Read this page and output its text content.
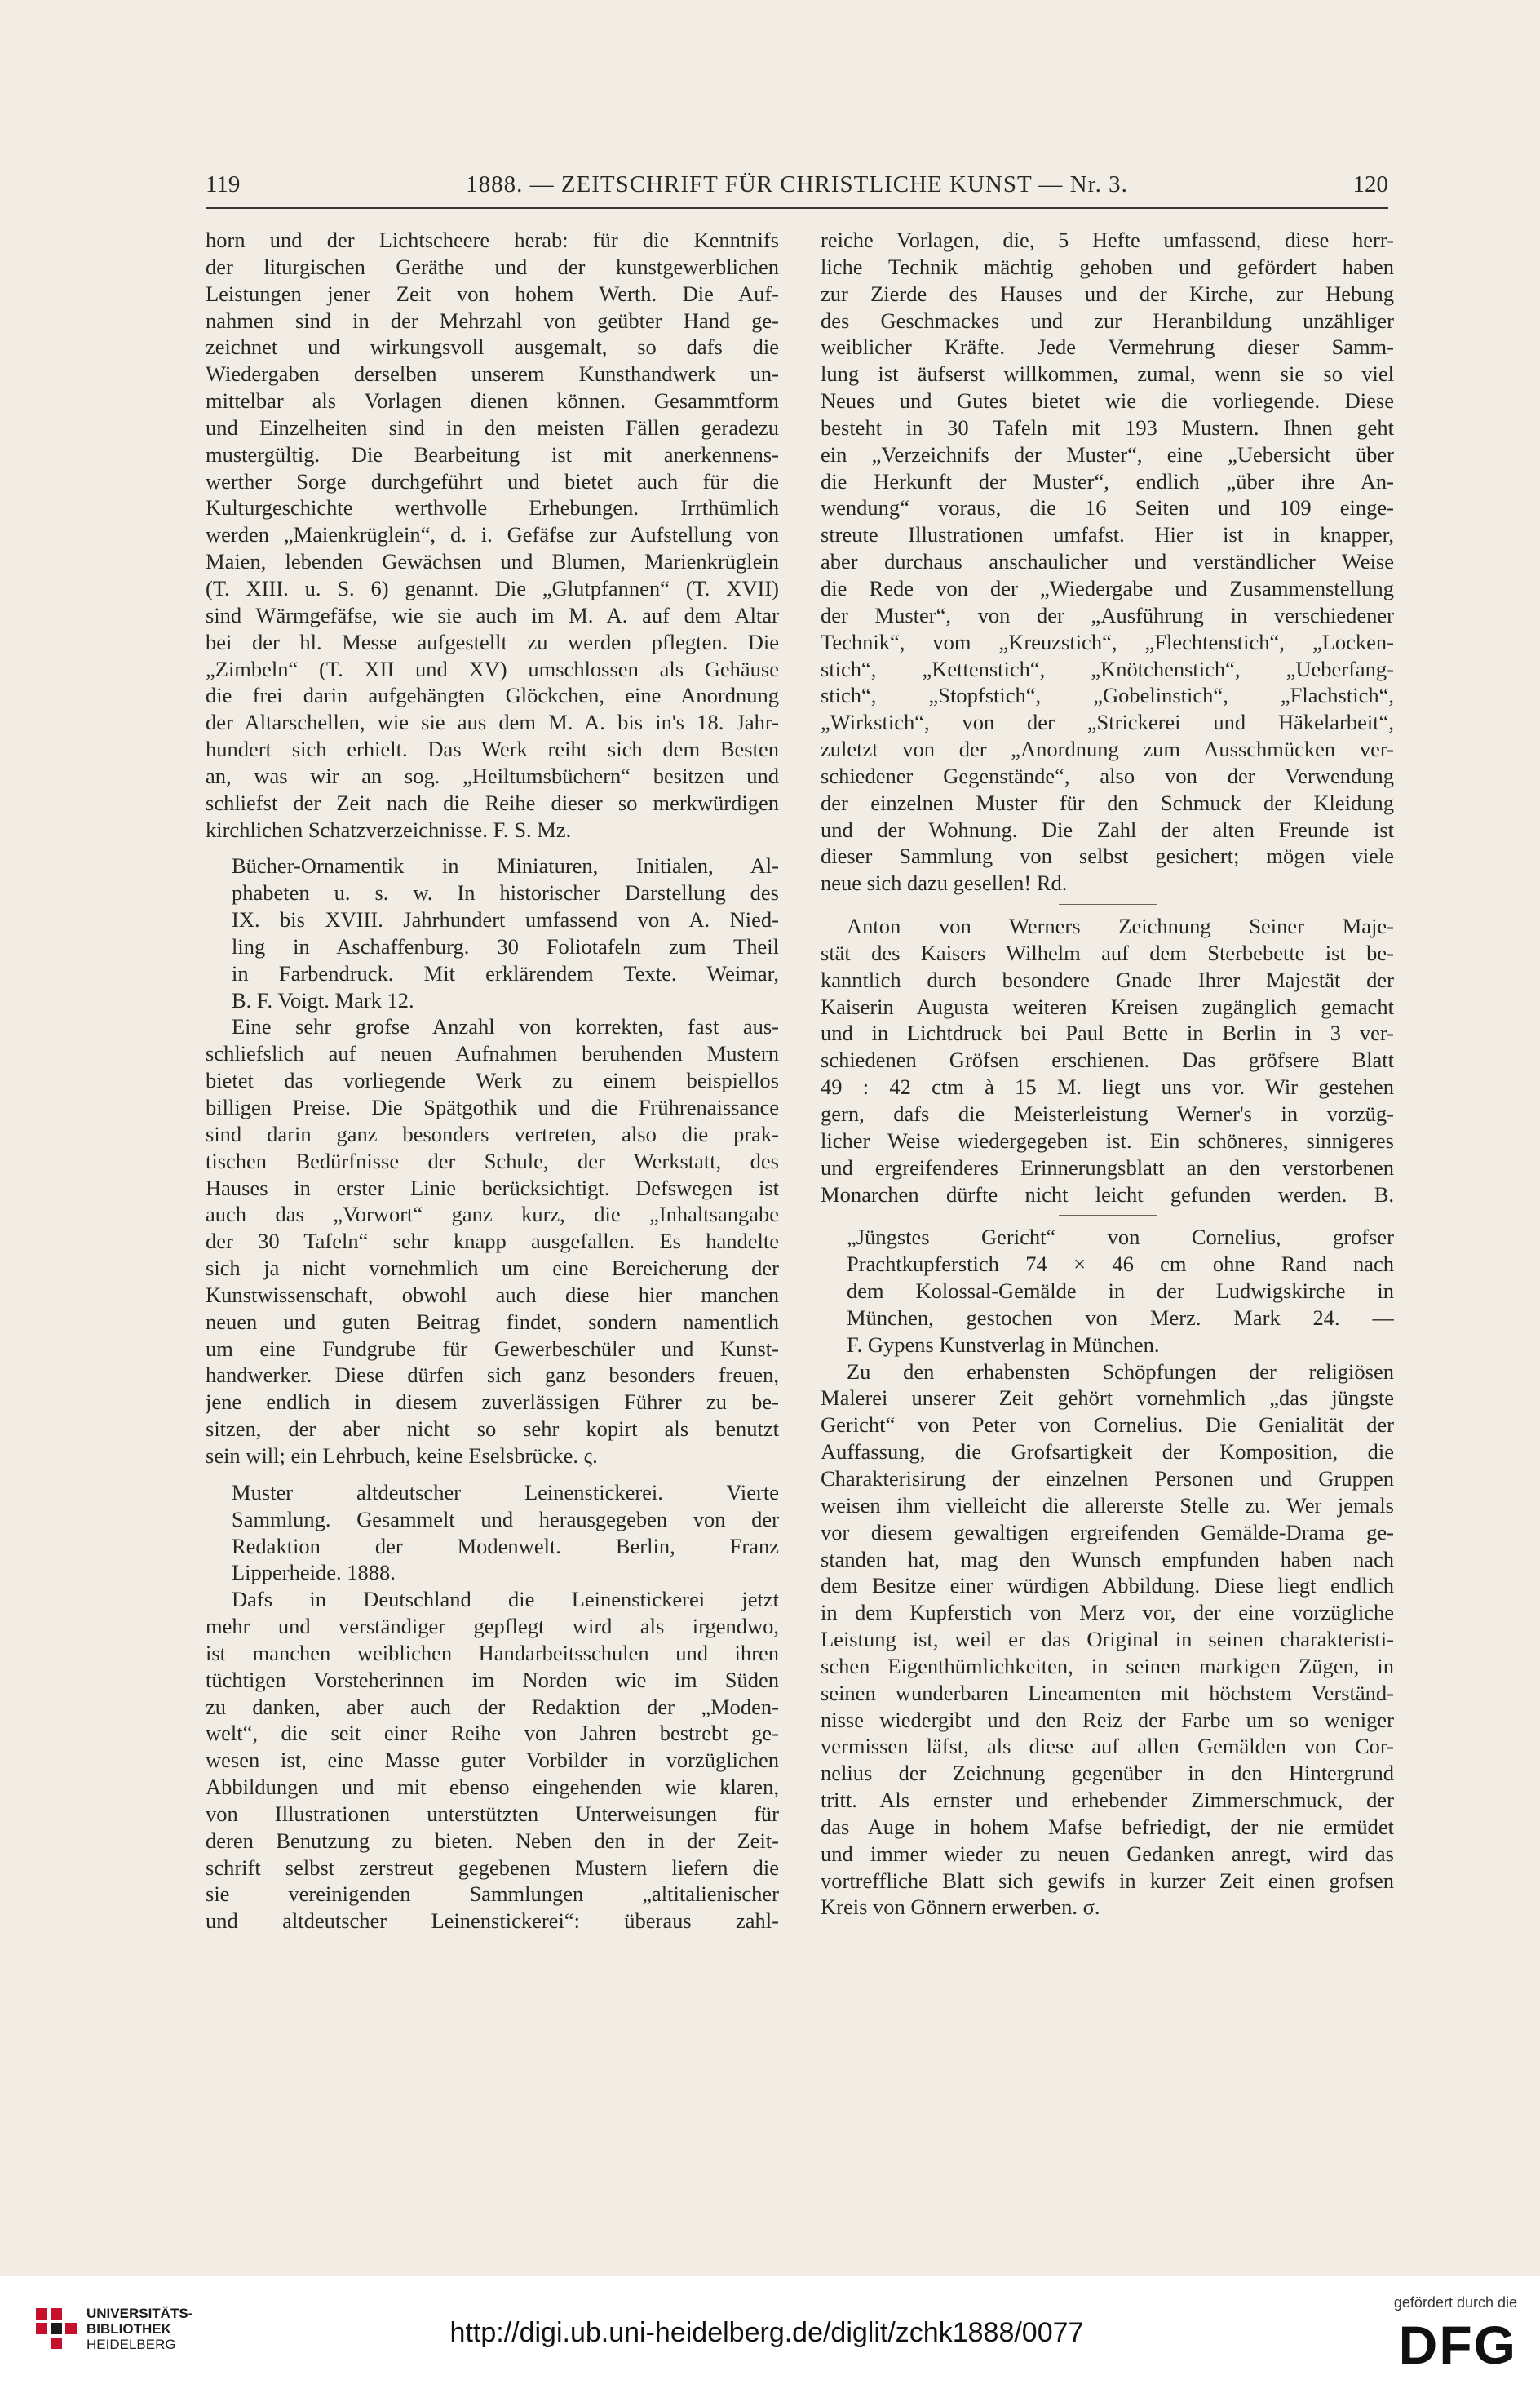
119	1888. — ZEITSCHRIFT FÜR CHRISTLICHE KUNST — Nr. 3.	120
horn und der Lichtscheere herab: für die Kenntnifs
der liturgischen Geräthe und der kunstgewerblichen
Leistungen jener Zeit von hohem Werth. Die Auf-
nahmen sind in der Mehrzahl von geübter Hand ge-
zeichnet und wirkungsvoll ausgemalt, so dafs die
Wiedergaben derselben unserem Kunsthandwerk un-
mittelbar als Vorlagen dienen können. Gesammtform
und Einzelheiten sind in den meisten Fällen geradezu
mustergültig. Die Bearbeitung ist mit anerkennens-
werther Sorge durchgeführt und bietet auch für die
Kulturgeschichte werthvolle Erhebungen. Irrthümlich
werden „Maienkrüglein“, d. i. Gefäfse zur Aufstellung von
Maien, lebenden Gewächsen und Blumen, Marienkrüglein
(T. XIII. u. S. 6) genannt. Die „Glutpfannen“ (T. XVII)
sind Wärmgefäfse, wie sie auch im M. A. auf dem Altar
bei der hl. Messe aufgestellt zu werden pflegten. Die
„Zimbeln“ (T. XII und XV) umschlossen als Gehäuse
die frei darin aufgehängten Glöckchen, eine Anordnung
der Altarschellen, wie sie aus dem M. A. bis in's 18. Jahr-
hundert sich erhielt. Das Werk reiht sich dem Besten
an, was wir an sog. „Heiltumsbüchern“ besitzen und
schliefst der Zeit nach die Reihe dieser so merkwürdigen
kirchlichen Schatzverzeichnisse. F. S. Mz.
Bücher-Ornamentik in Miniaturen, Initialen, Al-
phabeten u. s. w. In historischer Darstellung des
IX. bis XVIII. Jahrhundert umfassend von A. Nied-
ling in Aschaffenburg. 30 Foliotafeln zum Theil
in Farbendruck. Mit erklärendem Texte. Weimar,
B. F. Voigt. Mark 12.
Eine sehr grofse Anzahl von korrekten, fast aus-
schliefslich auf neuen Aufnahmen beruhenden Mustern
bietet das vorliegende Werk zu einem beispiellos
billigen Preise. Die Spätgothik und die Frührenaissance
sind darin ganz besonders vertreten, also die prak-
tischen Bedürfnisse der Schule, der Werkstatt, des
Hauses in erster Linie berücksichtigt. Defswegen ist
auch das „Vorwort“ ganz kurz, die „Inhaltsangabe
der 30 Tafeln“ sehr knapp ausgefallen. Es handelte
sich ja nicht vornehmlich um eine Bereicherung der
Kunstwissenschaft, obwohl auch diese hier manchen
neuen und guten Beitrag findet, sondern namentlich
um eine Fundgrube für Gewerbeschüler und Kunst-
handwerker. Diese dürfen sich ganz besonders freuen,
jene endlich in diesem zuverlässigen Führer zu be-
sitzen, der aber nicht so sehr kopirt als benutzt
sein will; ein Lehrbuch, keine Eselsbrücke. ς.
Muster altdeutscher Leinenstickerei. Vierte
Sammlung. Gesammelt und herausgegeben von der
Redaktion der Modenwelt. Berlin, Franz
Lipperheide. 1888.
Dafs in Deutschland die Leinenstickerei jetzt
mehr und verständiger gepflegt wird als irgendwo,
ist manchen weiblichen Handarbeitsschulen und ihren
tüchtigen Vorsteherinnen im Norden wie im Süden
zu danken, aber auch der Redaktion der „Moden-
welt“, die seit einer Reihe von Jahren bestrebt ge-
wesen ist, eine Masse guter Vorbilder in vorzüglichen
Abbildungen und mit ebenso eingehenden wie klaren,
von Illustrationen unterstützten Unterweisungen für
deren Benutzung zu bieten. Neben den in der Zeit-
schrift selbst zerstreut gegebenen Mustern liefern die
sie vereinigenden Sammlungen „altitalienischer
und altdeutscher Leinenstickerei“: überaus zahl-
reiche Vorlagen, die, 5 Hefte umfassend, diese herr-
liche Technik mächtig gehoben und gefördert haben
zur Zierde des Hauses und der Kirche, zur Hebung
des Geschmackes und zur Heranbildung unzähliger
weiblicher Kräfte. Jede Vermehrung dieser Samm-
lung ist äufserst willkommen, zumal, wenn sie so viel
Neues und Gutes bietet wie die vorliegende. Diese
besteht in 30 Tafeln mit 193 Mustern. Ihnen geht
ein „Verzeichnifs der Muster“, eine „Uebersicht über
die Herkunft der Muster“, endlich „über ihre An-
wendung“ voraus, die 16 Seiten und 109 einge-
streute Illustrationen umfafst. Hier ist in knapper,
aber durchaus anschaulicher und verständlicher Weise
die Rede von der „Wiedergabe und Zusammenstellung
der Muster“, von der „Ausführung in verschiedener
Technik“, vom „Kreuzstich“, „Flechtenstich“, „Locken-
stich“, „Kettenstich“, „Knötchenstich“, „Ueberfang-
stich“, „Stopfstich“, „Gobelinstich“, „Flachstich“,
„Wirkstich“, von der „Strickerei und Häkelarbeit“,
zuletzt von der „Anordnung zum Ausschmücken ver-
schiedener Gegenstände“, also von der Verwendung
der einzelnen Muster für den Schmuck der Kleidung
und der Wohnung. Die Zahl der alten Freunde ist
dieser Sammlung von selbst gesichert; mögen viele
neue sich dazu gesellen! Rd.
Anton von Werners Zeichnung Seiner Maje-
stät des Kaisers Wilhelm auf dem Sterbebette ist be-
kanntlich durch besondere Gnade Ihrer Majestät der
Kaiserin Augusta weiteren Kreisen zugänglich gemacht
und in Lichtdruck bei Paul Bette in Berlin in 3 ver-
schiedenen Gröfsen erschienen. Das gröfsere Blatt
49 : 42 ctm à 15 M. liegt uns vor. Wir gestehen
gern, dafs die Meisterleistung Werner's in vorzüg-
licher Weise wiedergegeben ist. Ein schöneres, sinnigeres
und ergreifenderes Erinnerungsblatt an den verstorbenen
Monarchen dürfte nicht leicht gefunden werden. B.
„Jüngstes Gericht“ von Cornelius, grofser
Prachtkupferstich 74 × 46 cm ohne Rand nach
dem Kolossal-Gemälde in der Ludwigskirche in
München, gestochen von Merz. Mark 24. —
F. Gypens Kunstverlag in München.
Zu den erhabensten Schöpfungen der religiösen
Malerei unserer Zeit gehört vornehmlich „das jüngste
Gericht“ von Peter von Cornelius. Die Genialität der
Auffassung, die Grofsartigkeit der Komposition, die
Charakterisirung der einzelnen Personen und Gruppen
weisen ihm vielleicht die allererste Stelle zu. Wer jemals
vor diesem gewaltigen ergreifenden Gemälde-Drama ge-
standen hat, mag den Wunsch empfunden haben nach
dem Besitze einer würdigen Abbildung. Diese liegt endlich
in dem Kupferstich von Merz vor, der eine vorzügliche
Leistung ist, weil er das Original in seinen charakteristi-
schen Eigenthümlichkeiten, in seinen markigen Zügen, in
seinen wunderbaren Lineamenten mit höchstem Verständ-
nisse wiedergibt und den Reiz der Farbe um so weniger
vermissen läfst, als diese auf allen Gemälden von Cor-
nelius der Zeichnung gegenüber in den Hintergrund
tritt. Als ernster und erhebender Zimmerschmuck, der
das Auge in hohem Mafse befriedigt, der nie ermüdet
und immer wieder zu neuen Gedanken anregt, wird das
vortreffliche Blatt sich gewifs in kurzer Zeit einen grofsen
Kreis von Gönnern erwerben. σ.
UNIVERSITÄTS-
BIBLIOTHEK
HEIDELBERG	http://digi.ub.uni-heidelberg.de/diglit/zchk1888/0077
gefördert durch die
DFG
